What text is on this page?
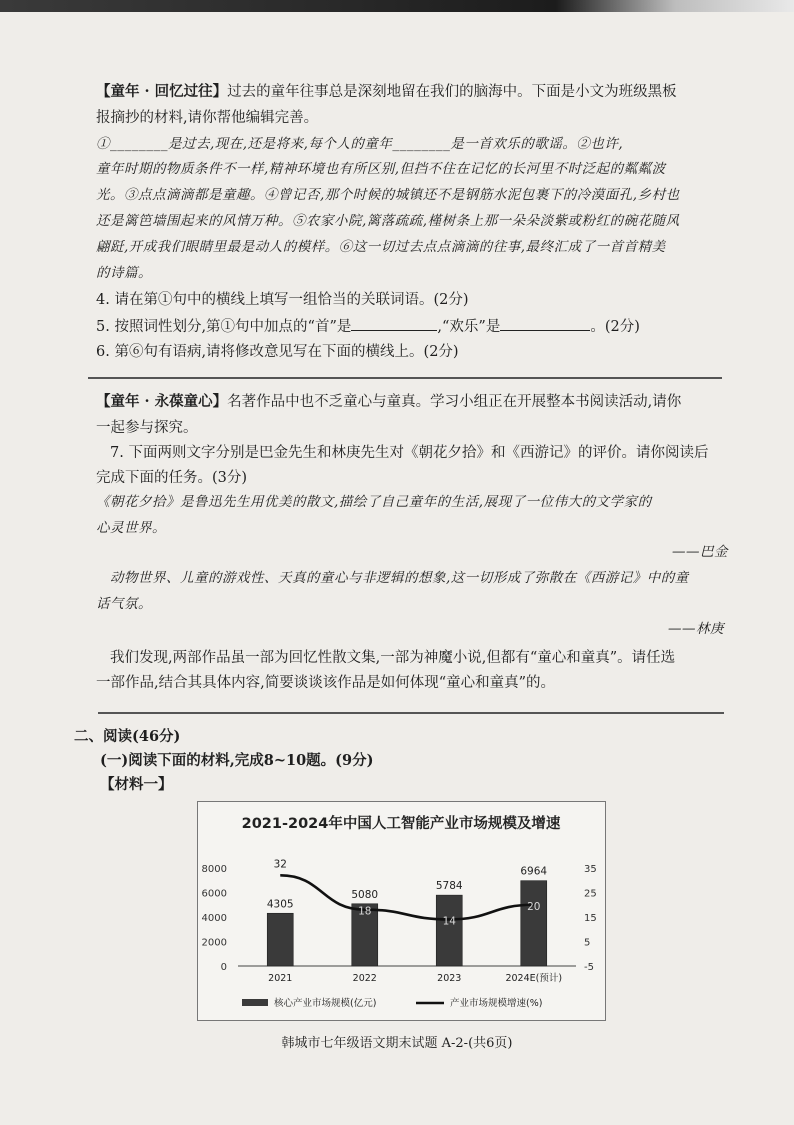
【童年 · 回忆过往】过去的童年往事总是深刻地留在我们的脑海中。下面是小文为班级黑板
报摘抄的材料,请你帮他编辑完善。
①________是过去,现在,还是将来,每个人的童年________是一首欢乐的歌谣。②也许,
童年时期的物质条件不一样,精神环境也有所区别,但挡不住在记忆的长河里不时泛起的粼粼波
光。③点点滴滴都是童趣。④曾记否,那个时候的城镇还不是钢筋水泥包裹下的冷漠面孔,乡村也
还是篱笆墙围起来的风情万种。⑤农家小院,篱落疏疏,槿树条上那一朵朵淡紫或粉红的碗花随风
翩跹,开成我们眼睛里最是动人的模样。⑥这一切过去点点滴滴的往事,最终汇成了一首首精美
的诗篇。
4. 请在第①句中的横线上填写一组恰当的关联词语。(2分)
5. 按照词性划分,第①句中加点的“首”是	,“欢乐”是	。(2分)
6. 第⑥句有语病,请将修改意见写在下面的横线上。(2分)
【童年 · 永葆童心】名著作品中也不乏童心与童真。学习小组正在开展整本书阅读活动,请你
一起参与探究。
7. 下面两则文字分别是巴金先生和林庚先生对《朝花夕拾》和《西游记》的评价。请你阅读后
完成下面的任务。(3分)
《朝花夕拾》是鲁迅先生用优美的散文,描绘了自己童年的生活,展现了一位伟大的文学家的
心灵世界。
——巴金
动物世界、儿童的游戏性、天真的童心与非逻辑的想象,这一切形成了弥散在《西游记》中的童
话气氛。
——林庚
我们发现,两部作品虽一部为回忆性散文集,一部为神魔小说,但都有“童心和童真”。请任选
一部作品,结合其具体内容,简要谈谈该作品是如何体现“童心和童真”的。
二、阅读(46分)
(一)阅读下面的材料,完成8~10题。(9分)
【材料一】
2021-2024年中国人工智能产业市场规模及增速
8000
6000
4000
2000
0
35
25
15
5
-5
4305
2021
5080
2022
5784
2023
6964
2024E(预计)
32
18
14
20
核心产业市场规模(亿元)	产业市场规模增速(%)
韩城市七年级语文期末试题 A-2-(共6页)
